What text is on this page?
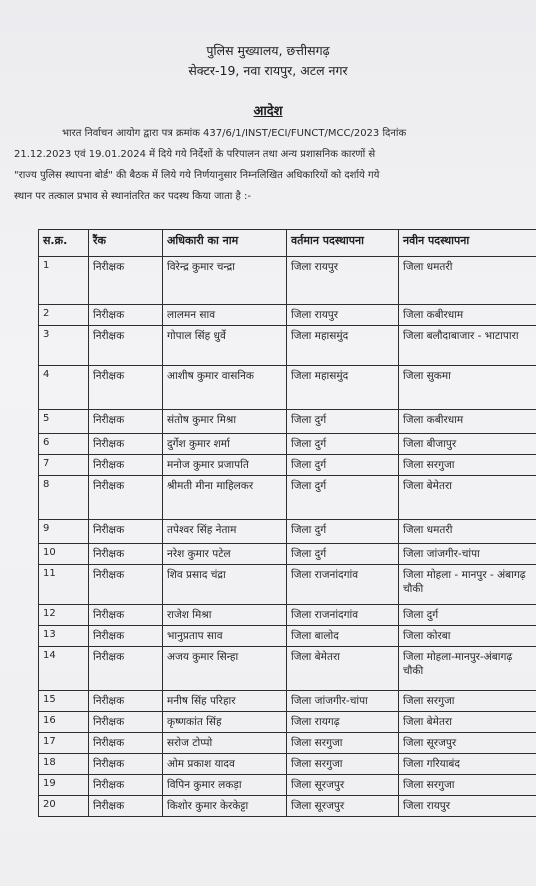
पुलिस मुख्यालय, छत्तीसगढ़
सेक्टर-19, नवा रायपुर, अटल नगर
आदेश
भारत निर्वाचन आयोग द्वारा पत्र क्रमांक 437/6/1/INST/ECI/FUNCT/MCC/2023 दिनांक
21.12.2023 एवं 19.01.2024 में दिये गये निर्देशों के परिपालन तथा अन्य प्रशासनिक कारणों से
"राज्य पुलिस स्थापना बोर्ड" की बैठक में लिये गये निर्णयानुसार निम्नलिखित अधिकारियों को दर्शाये गये
स्थान पर तत्काल प्रभाव से स्थानांतरित कर पदस्थ किया जाता है :-
स.क्र.	रैंक	अधिकारी का नाम	वर्तमान पदस्थापना	नवीन पदस्थापना
1	निरीक्षक	विरेन्द्र कुमार चन्द्रा	जिला रायपुर	जिला धमतरी
2	निरीक्षक	लालमन साव	जिला रायपुर	जिला कबीरधाम
3	निरीक्षक	गोपाल सिंह धुर्वे	जिला महासमुंद	जिला बलौदाबाजार - भाटापारा
4	निरीक्षक	आशीष कुमार वासनिक	जिला महासमुंद	जिला सुकमा
5	निरीक्षक	संतोष कुमार मिश्रा	जिला दुर्ग	जिला कबीरधाम
6	निरीक्षक	दुर्गेश कुमार शर्मा	जिला दुर्ग	जिला बीजापुर
7	निरीक्षक	मनोज कुमार प्रजापति	जिला दुर्ग	जिला सरगुजा
8	निरीक्षक	श्रीमती मीना माहिलकर	जिला दुर्ग	जिला बेमेतरा
9	निरीक्षक	तपेश्वर सिंह नेताम	जिला दुर्ग	जिला धमतरी
10	निरीक्षक	नरेश कुमार पटेल	जिला दुर्ग	जिला जांजगीर-चांपा
11	निरीक्षक	शिव प्रसाद चंद्रा	जिला राजनांदगांव	जिला मोहला - मानपुर - अंबागढ़ चौकी
12	निरीक्षक	राजेश मिश्रा	जिला राजनांदगांव	जिला दुर्ग
13	निरीक्षक	भानुप्रताप साव	जिला बालोद	जिला कोरबा
14	निरीक्षक	अजय कुमार सिन्हा	जिला बेमेतरा	जिला मोहला-मानपुर-अंबागढ़ चौकी
15	निरीक्षक	मनीष सिंह परिहार	जिला जांजगीर-चांपा	जिला सरगुजा
16	निरीक्षक	कृष्णकांत सिंह	जिला रायगढ़	जिला बेमेतरा
17	निरीक्षक	सरोज टोप्पो	जिला सरगुजा	जिला सूरजपुर
18	निरीक्षक	ओम प्रकाश यादव	जिला सरगुजा	जिला गरियाबंद
19	निरीक्षक	विपिन कुमार लकड़ा	जिला सूरजपुर	जिला सरगुजा
20	निरीक्षक	किशोर कुमार केरकेट्टा	जिला सूरजपुर	जिला रायपुर
